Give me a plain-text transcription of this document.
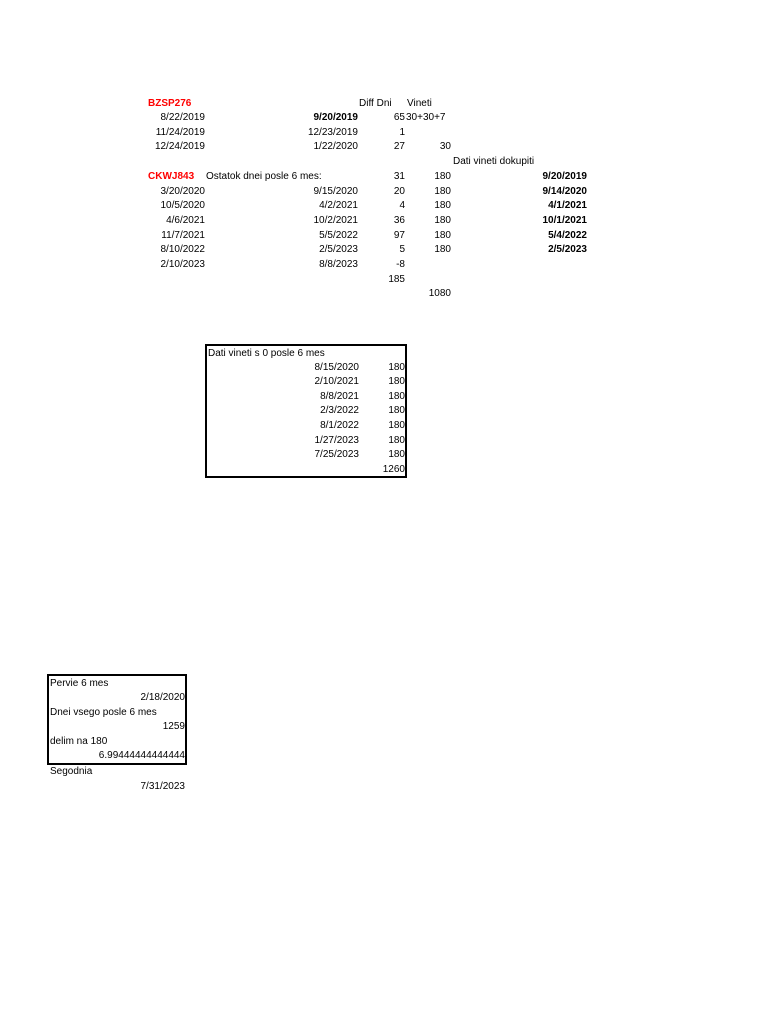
BZSP276	Diff Dni Vineti
8/22/2019	9/20/2019	65 30+30+7
11/24/2019	12/23/2019	1
12/24/2019	1/22/2020	27	30
Dati vineti dokupiti
CKWJ843 Ostatok dnei posle 6 mes:	31	180	9/20/2019
3/20/2020	9/15/2020	20	180	9/14/2020
10/5/2020	4/2/2021	4	180	4/1/2021
4/6/2021	10/2/2021	36	180	10/1/2021
11/7/2021	5/5/2022	97	180	5/4/2022
8/10/2022	2/5/2023	5	180	2/5/2023
2/10/2023	8/8/2023	-8
185
1080
Dati vineti s 0 posle 6 mes
8/15/2020	180
2/10/2021	180
8/8/2021	180
2/3/2022	180
8/1/2022	180
1/27/2023	180
7/25/2023	180
1260
Pervie 6 mes
2/18/2020
Dnei vsego posle 6 mes
1259
delim na 180
6.99444444444444
Segodnia
7/31/2023
